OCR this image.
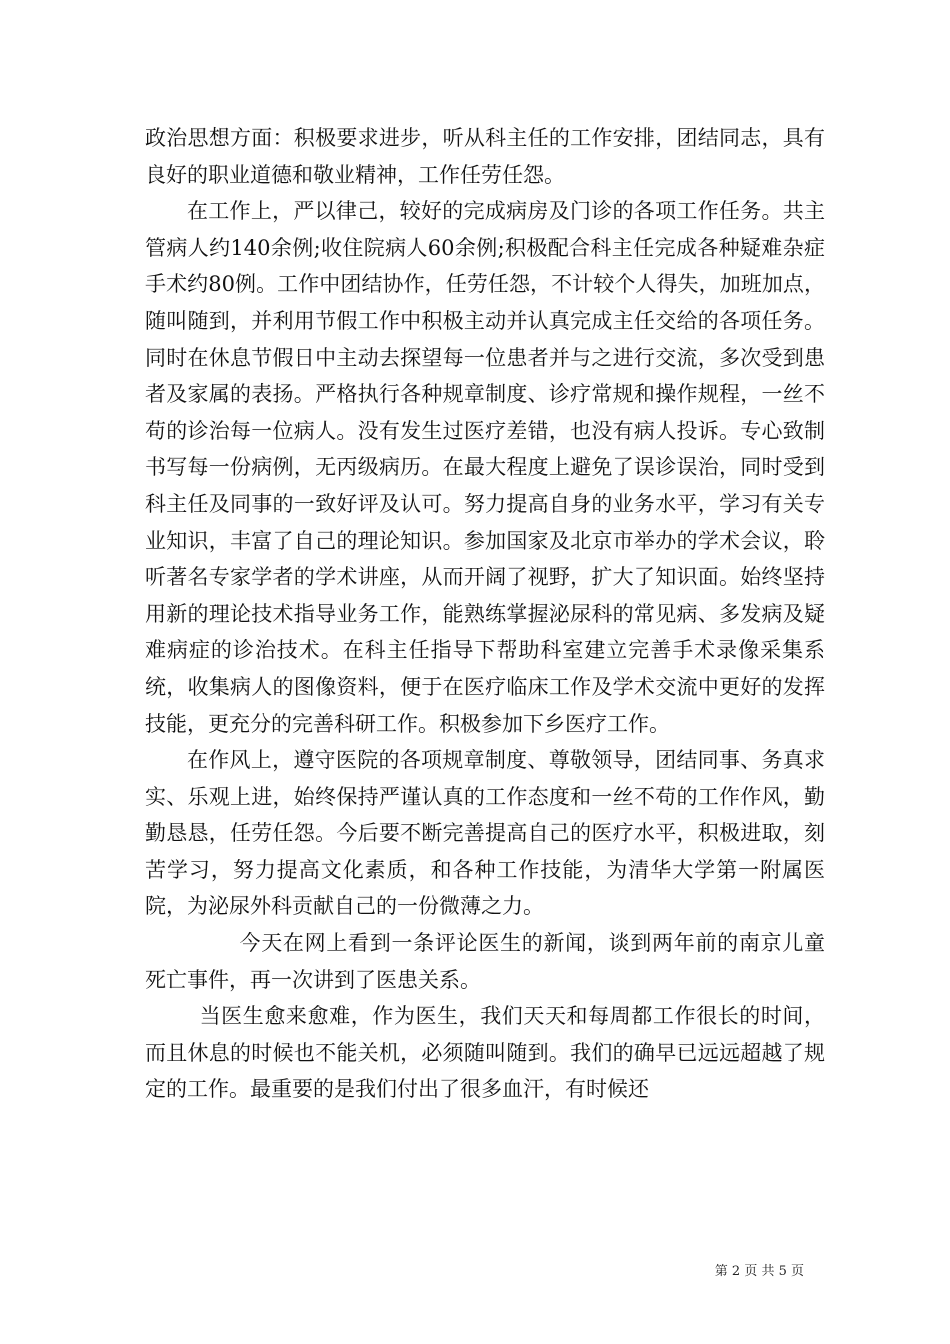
政治思想方面：积极要求进步，听从科主任的工作安排，团结同志，具有良好的职业道德和敬业精神，工作任劳任怨。

在工作上，严以律己，较好的完成病房及门诊的各项工作任务。共主管病人约140余例;收住院病人60余例;积极配合科主任完成各种疑难杂症手术约80例。工作中团结协作，任劳任怨，不计较个人得失，加班加点，随叫随到，并利用节假工作中积极主动并认真完成主任交给的各项任务。同时在休息节假日中主动去探望每一位患者并与之进行交流，多次受到患者及家属的表扬。严格执行各种规章制度、诊疗常规和操作规程，一丝不苟的诊治每一位病人。没有发生过医疗差错，也没有病人投诉。专心致制书写每一份病例，无丙级病历。在最大程度上避免了误诊误治，同时受到科主任及同事的一致好评及认可。努力提高自身的业务水平，学习有关专业知识，丰富了自己的理论知识。参加国家及北京市举办的学术会议，聆听著名专家学者的学术讲座，从而开阔了视野，扩大了知识面。始终坚持用新的理论技术指导业务工作，能熟练掌握泌尿科的常见病、多发病及疑难病症的诊治技术。在科主任指导下帮助科室建立完善手术录像采集系统，收集病人的图像资料，便于在医疗临床工作及学术交流中更好的发挥技能，更充分的完善科研工作。积极参加下乡医疗工作。

在作风上，遵守医院的各项规章制度、尊敬领导，团结同事、务真求实、乐观上进，始终保持严谨认真的工作态度和一丝不苟的工作作风，勤勤恳恳，任劳任怨。今后要不断完善提高自己的医疗水平，积极进取，刻苦学习，努力提高文化素质，和各种工作技能，为清华大学第一附属医院，为泌尿外科贡献自己的一份微薄之力。

今天在网上看到一条评论医生的新闻，谈到两年前的南京儿童死亡事件，再一次讲到了医患关系。

当医生愈来愈难，作为医生，我们天天和每周都工作很长的时间，而且休息的时候也不能关机，必须随叫随到。我们的确早已远远超越了规定的工作。最重要的是我们付出了很多血汗，有时候还

第 2 页 共 5 页
